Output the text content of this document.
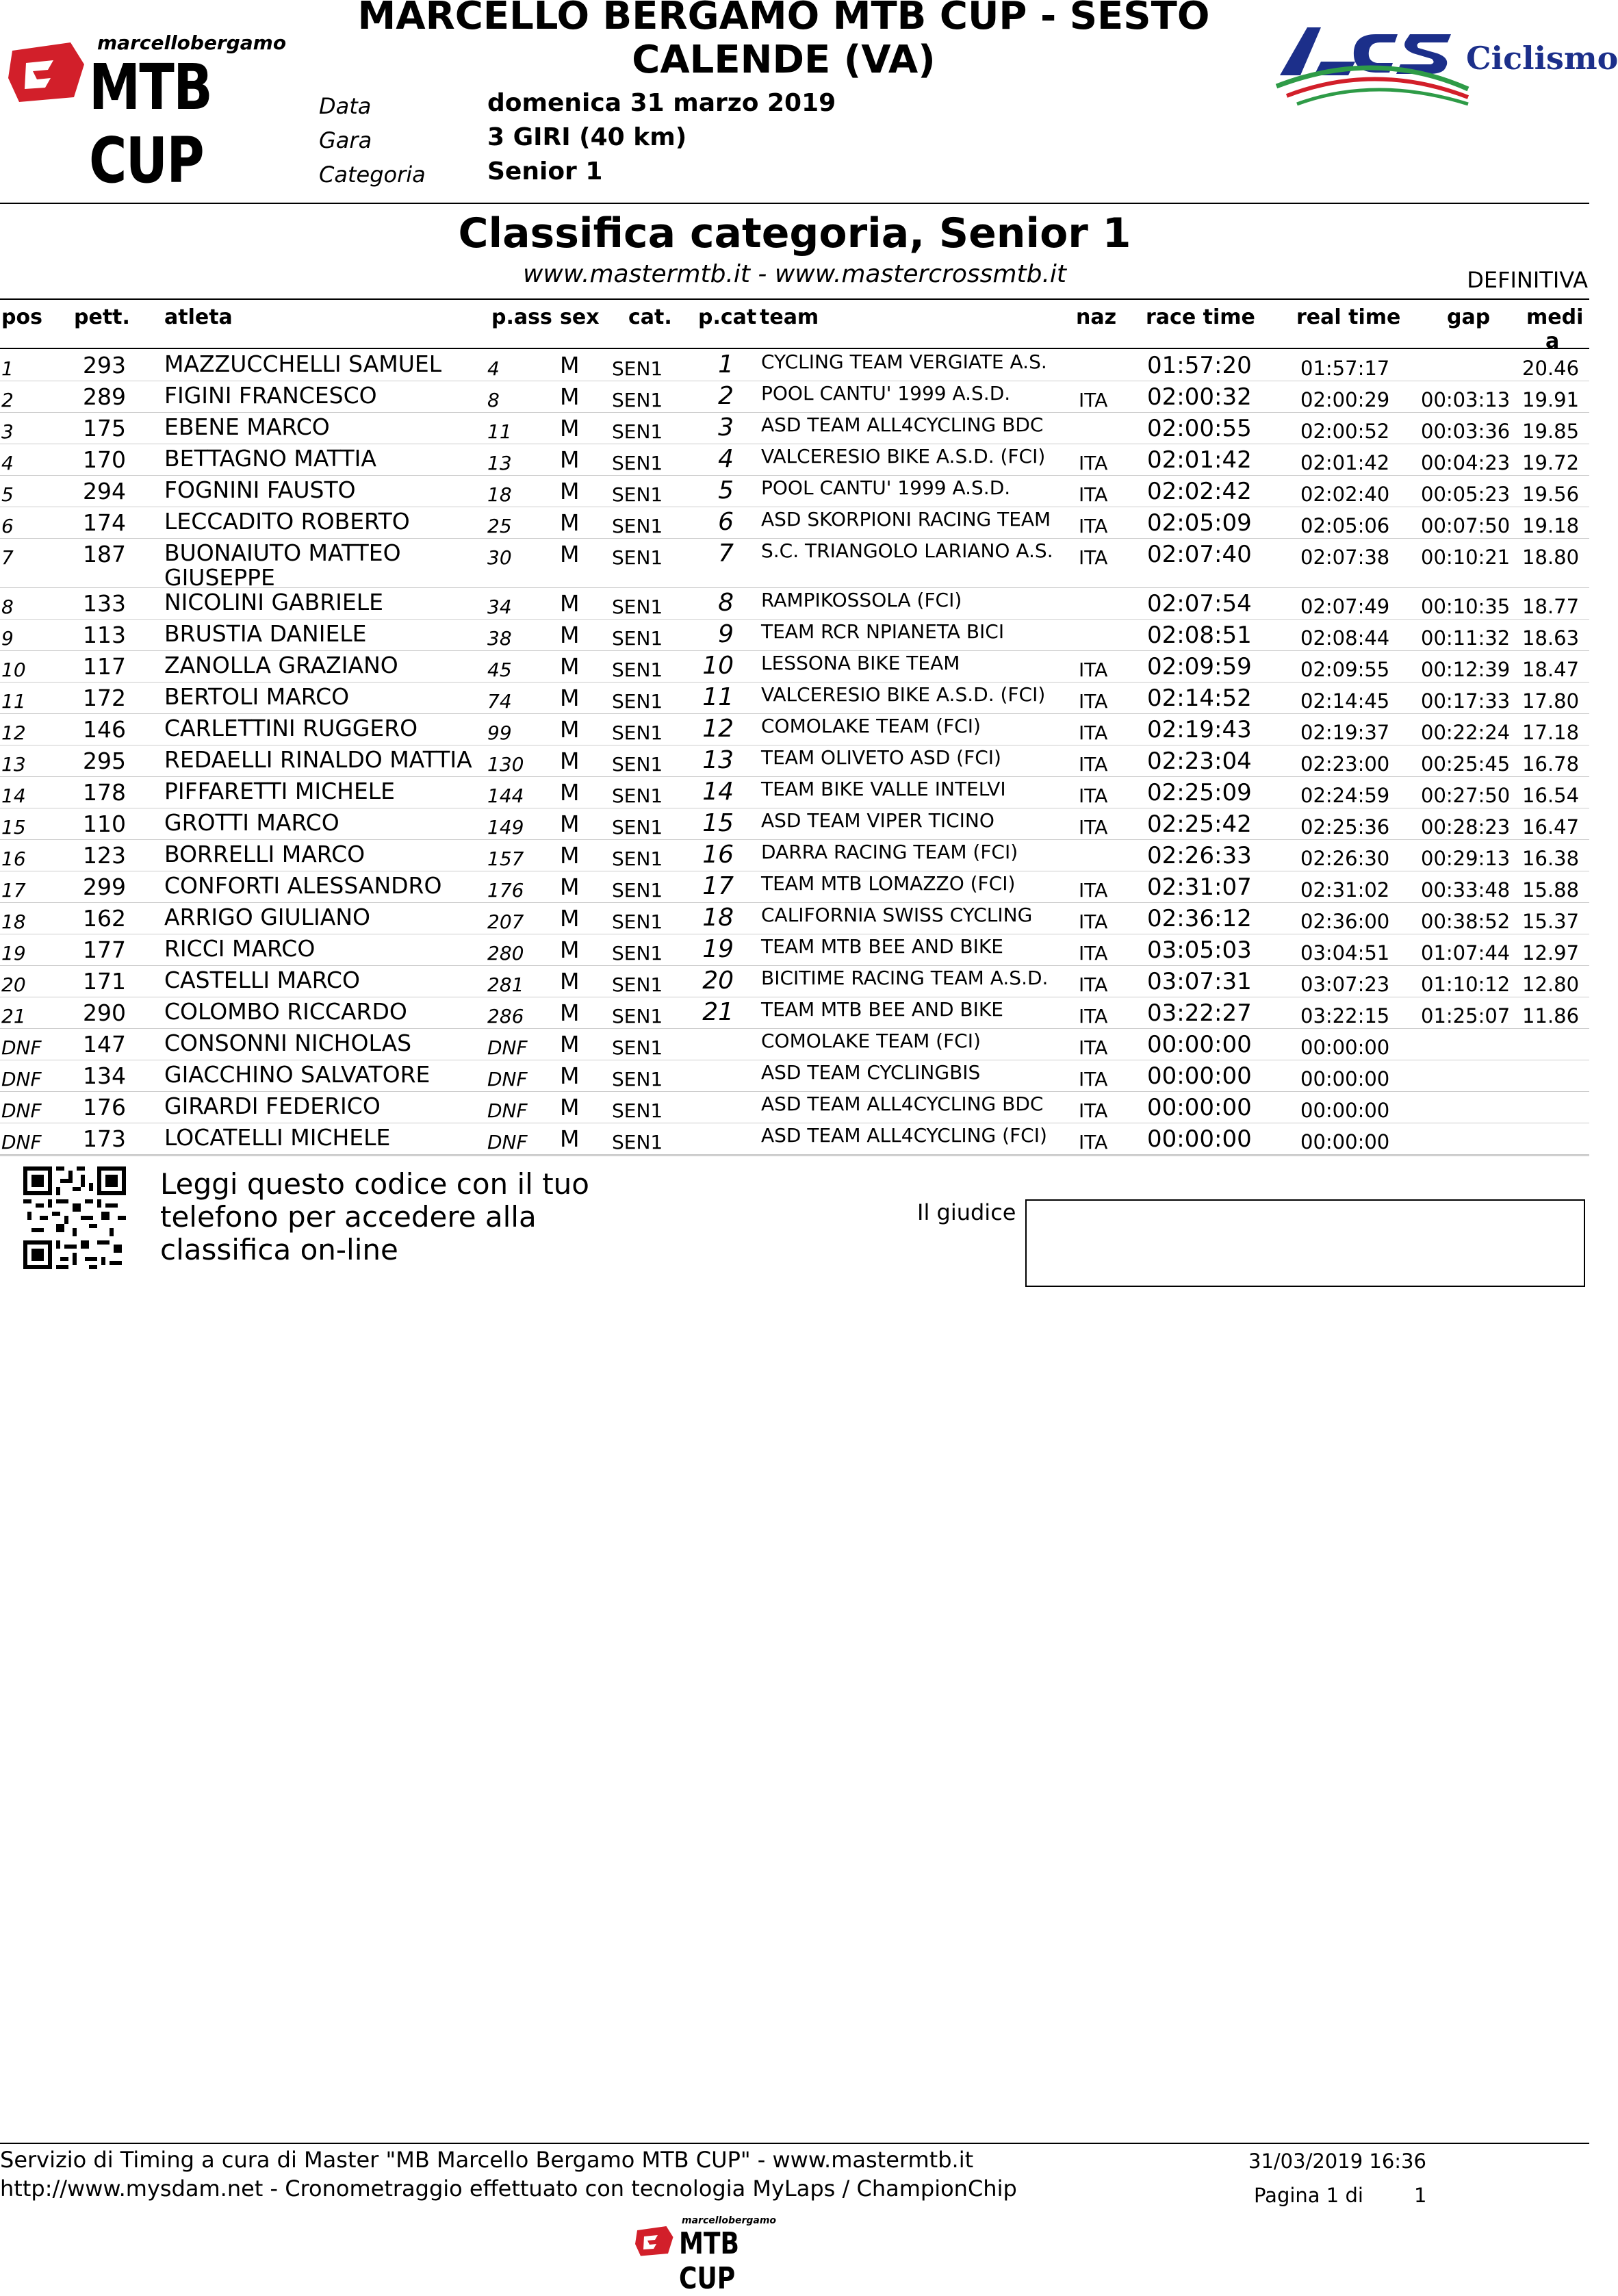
marcellobergamo
MTB CUP
MARCELLO BERGAMO MTB CUP - SESTO
CALENDE (VA)
Data	domenica 31 marzo 2019
Gara	3 GIRI (40 km)
Categoria	Senior 1
Ciclismo
Classifica categoria, Senior 1
www.mastermtb.it - www.mastercrossmtb.it	DEFINITIVA
pos pett. atleta	p.ass sex cat. p.cat team	naz race time real time gap medi
a
1	293 MAZZUCCHELLI SAMUEL 4	M SEN1	1 CYCLING TEAM VERGIATE A.S.	01:57:20 01:57:17	20.46
2	289 FIGINI FRANCESCO	8	M SEN1	2 POOL CANTU' 1999 A.S.D.	ITA 02:00:32 02:00:29 00:03:13 19.91
3	175 EBENE MARCO	11 M SEN1	3 ASD TEAM ALL4CYCLING BDC	02:00:55 02:00:52 00:03:36 19.85
4	170 BETTAGNO MATTIA	13 M SEN1	4 VALCERESIO BIKE A.S.D. (FCI) ITA 02:01:42 02:01:42 00:04:23 19.72
5	294 FOGNINI FAUSTO	18 M SEN1	5 POOL CANTU' 1999 A.S.D.	ITA 02:02:42 02:02:40 00:05:23 19.56
6	174 LECCADITO ROBERTO	25 M SEN1	6 ASD SKORPIONI RACING TEAM ITA 02:05:09 02:05:06 00:07:50 19.18
7	187 BUONAIUTO MATTEO
GIUSEPPE
30 M SEN1	7 S.C. TRIANGOLO LARIANO A.S. ITA 02:07:40 02:07:38 00:10:21 18.80
8	133 NICOLINI GABRIELE	34 M SEN1	8 RAMPIKOSSOLA (FCI)	02:07:54 02:07:49 00:10:35 18.77
9	113 BRUSTIA DANIELE	38 M SEN1	9 TEAM RCR NPIANETA BICI	02:08:51 02:08:44 00:11:32 18.63
10	117 ZANOLLA GRAZIANO	45 M SEN1 10 LESSONA BIKE TEAM	ITA 02:09:59 02:09:55 00:12:39 18.47
11	172 BERTOLI MARCO	74 M SEN1 11 VALCERESIO BIKE A.S.D. (FCI) ITA 02:14:52 02:14:45 00:17:33 17.80
12	146 CARLETTINI RUGGERO	99 M SEN1 12 COMOLAKE TEAM (FCI)	ITA 02:19:43 02:19:37 00:22:24 17.18
13	295 REDAELLI RINALDO MATTIA 130 M SEN1 13 TEAM OLIVETO ASD (FCI)	ITA 02:23:04 02:23:00 00:25:45 16.78
14	178 PIFFARETTI MICHELE	144 M SEN1 14 TEAM BIKE VALLE INTELVI	ITA 02:25:09 02:24:59 00:27:50 16.54
15	110 GROTTI MARCO	149 M SEN1 15 ASD TEAM VIPER TICINO	ITA 02:25:42 02:25:36 00:28:23 16.47
16	123 BORRELLI MARCO	157 M SEN1 16 DARRA RACING TEAM (FCI)	02:26:33 02:26:30 00:29:13 16.38
17	299 CONFORTI ALESSANDRO 176 M SEN1 17 TEAM MTB LOMAZZO (FCI)	ITA 02:31:07 02:31:02 00:33:48 15.88
18	162 ARRIGO GIULIANO	207 M SEN1 18 CALIFORNIA SWISS CYCLING ITA 02:36:12 02:36:00 00:38:52 15.37
19	177 RICCI MARCO	280 M SEN1 19 TEAM MTB BEE AND BIKE	ITA 03:05:03 03:04:51 01:07:44 12.97
20	171 CASTELLI MARCO	281 M SEN1 20 BICITIME RACING TEAM A.S.D. ITA 03:07:31 03:07:23 01:10:12 12.80
21	290 COLOMBO RICCARDO	286 M SEN1 21 TEAM MTB BEE AND BIKE	ITA 03:22:27 03:22:15 01:25:07 11.86
DNF 147 CONSONNI NICHOLAS	DNF M SEN1	COMOLAKE TEAM (FCI)	ITA 00:00:00 00:00:00
DNF 134 GIACCHINO SALVATORE	DNF M SEN1	ASD TEAM CYCLINGBIS	ITA 00:00:00 00:00:00
DNF 176 GIRARDI FEDERICO	DNF M SEN1	ASD TEAM ALL4CYCLING BDC ITA 00:00:00 00:00:00
DNF 173 LOCATELLI MICHELE	DNF M SEN1	ASD TEAM ALL4CYCLING (FCI) ITA 00:00:00 00:00:00
Leggi questo codice con il tuo
telefono per accedere alla
classifica on-line
Il giudice
Servizio di Timing a cura di Master "MB Marcello Bergamo MTB CUP" - www.mastermtb.it
http://www.mysdam.net - Cronometraggio effettuato con tecnologia MyLaps / ChampionChip
31/03/2019 16:36
Pagina 1 di	1
marcellobergamo
MTB CUP
